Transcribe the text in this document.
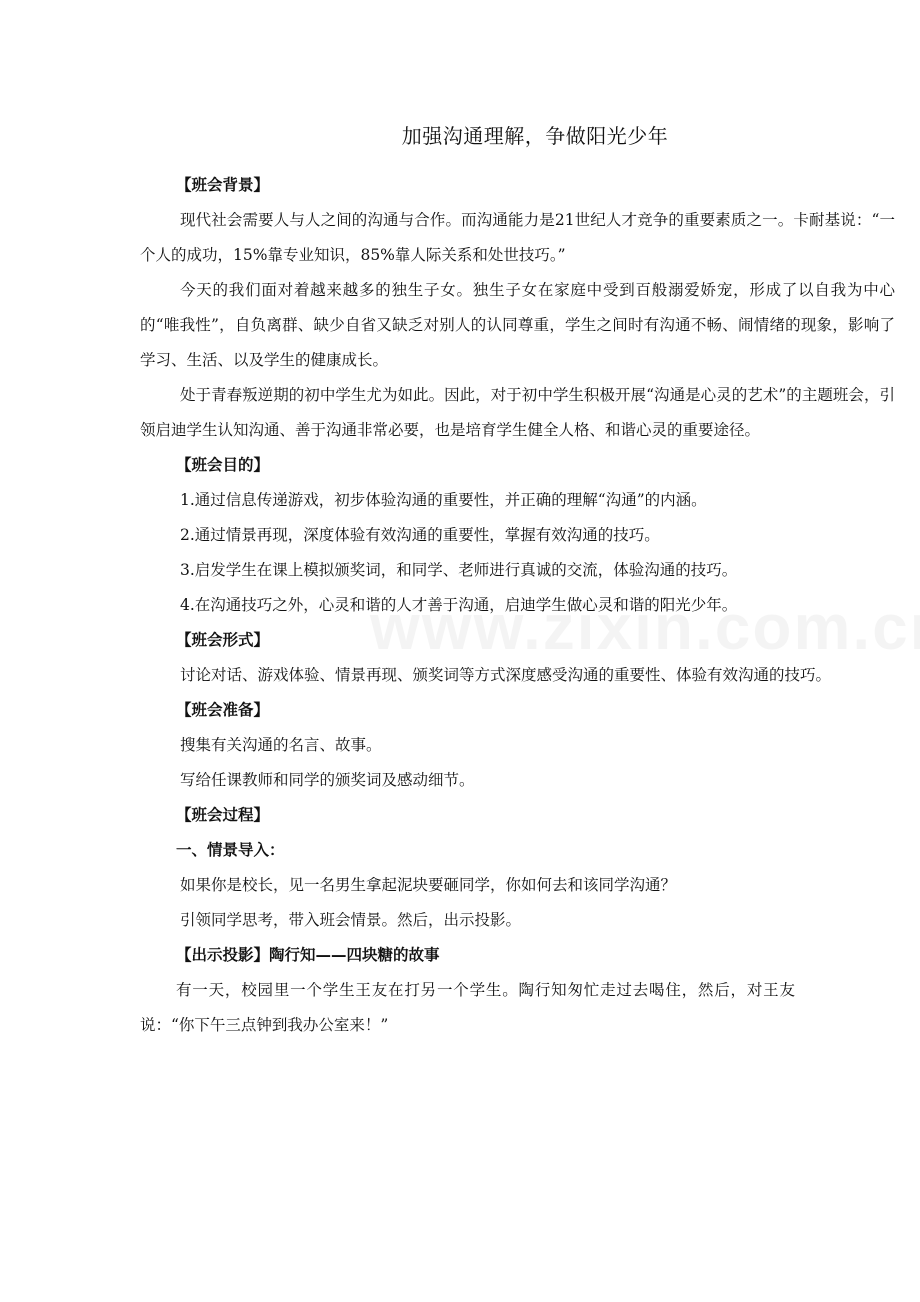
加强沟通理解，争做阳光少年

【班会背景】

现代社会需要人与人之间的沟通与合作。而沟通能力是21世纪人才竞争的重要素质之一。卡耐基说：“一个人的成功，15%靠专业知识，85%靠人际关系和处世技巧。”

今天的我们面对着越来越多的独生子女。独生子女在家庭中受到百般溺爱娇宠，形成了以自我为中心的“唯我性”，自负离群、缺少自省又缺乏对别人的认同尊重，学生之间时有沟通不畅、闹情绪的现象，影响了学习、生活、以及学生的健康成长。

处于青春叛逆期的初中学生尤为如此。因此，对于初中学生积极开展“沟通是心灵的艺术”的主题班会，引领启迪学生认知沟通、善于沟通非常必要，也是培育学生健全人格、和谐心灵的重要途径。

【班会目的】

1.通过信息传递游戏，初步体验沟通的重要性，并正确的理解“沟通”的内涵。

2.通过情景再现，深度体验有效沟通的重要性，掌握有效沟通的技巧。

3.启发学生在课上模拟颁奖词，和同学、老师进行真诚的交流，体验沟通的技巧。

4.在沟通技巧之外，心灵和谐的人才善于沟通，启迪学生做心灵和谐的阳光少年。

【班会形式】

讨论对话、游戏体验、情景再现、颁奖词等方式深度感受沟通的重要性、体验有效沟通的技巧。

【班会准备】

搜集有关沟通的名言、故事。

写给任课教师和同学的颁奖词及感动细节。

【班会过程】

一、情景导入：

如果你是校长，见一名男生拿起泥块要砸同学，你如何去和该同学沟通？

引领同学思考，带入班会情景。然后，出示投影。

【出示投影】陶行知——四块糖的故事

有一天，校园里一个学生王友在打另一个学生。陶行知匆忙走过去喝住，然后，对王友说：“你下午三点钟到我办公室来！”
